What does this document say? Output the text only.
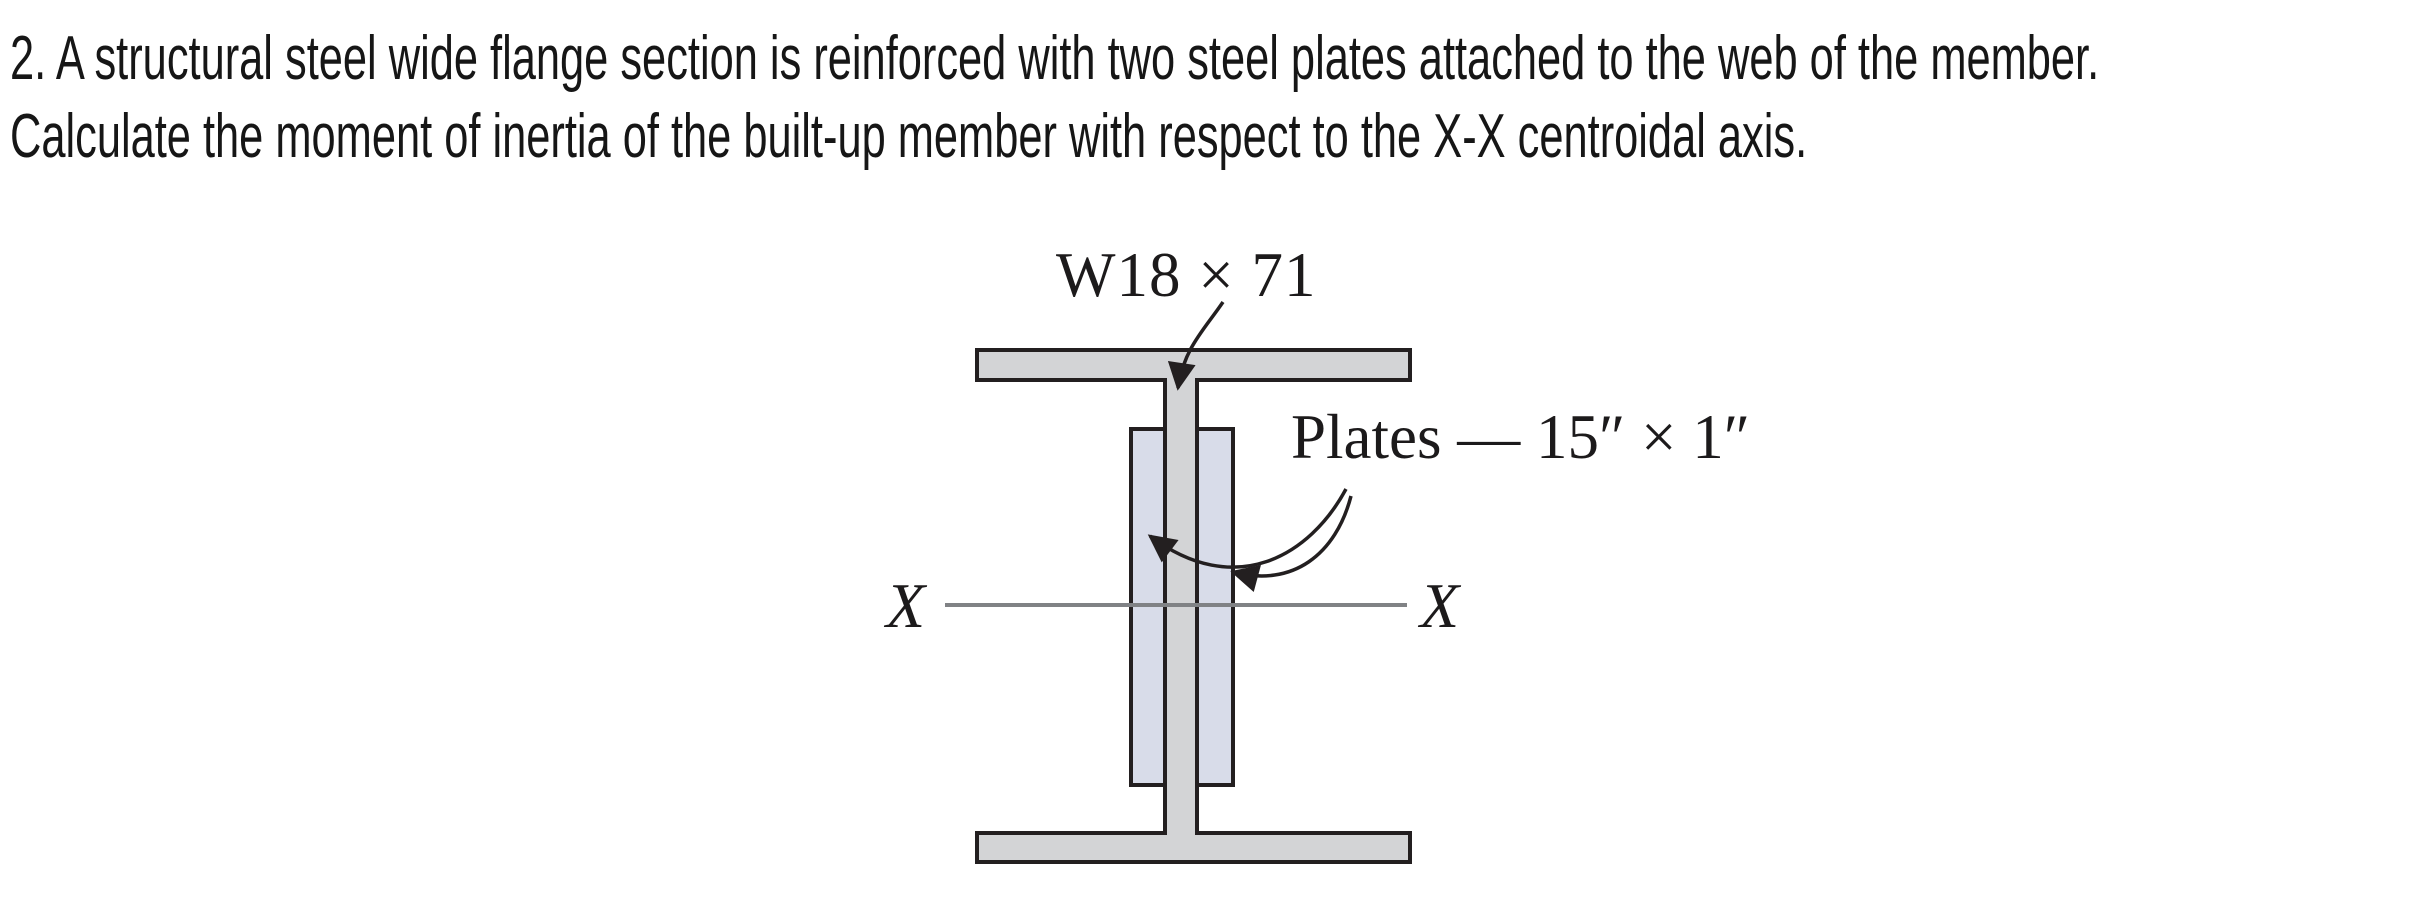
2. A structural steel wide flange section is reinforced with two steel plates attached to the web of the member.
Calculate the moment of inertia of the built-up member with respect to the X-X centroidal axis.
W18 × 71
Plates — 15″ × 1″
X	X
